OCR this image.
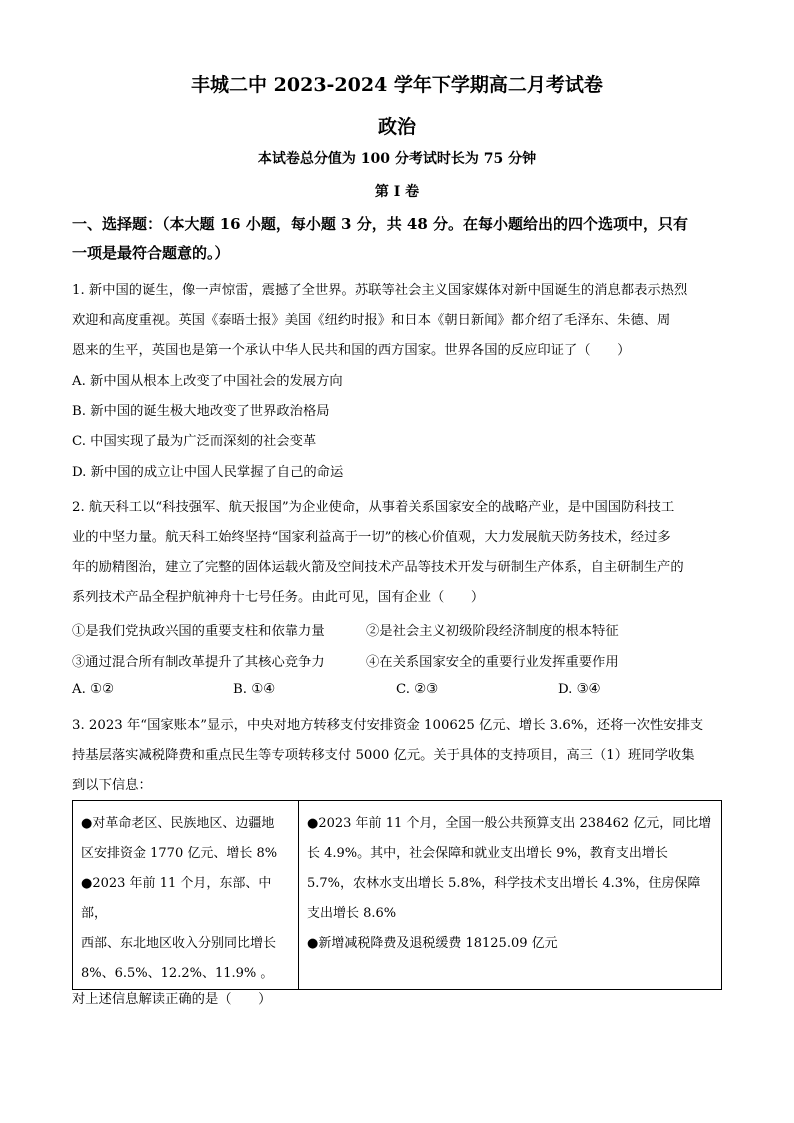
丰城二中 2023-2024 学年下学期高二月考试卷
政治
本试卷总分值为 100 分考试时长为 75 分钟
第 I 卷
一、选择题：（本大题 16 小题，每小题 3 分，共 48 分。在每小题给出的四个选项中，只有
一项是最符合题意的。）
1. 新中国的诞生，像一声惊雷，震撼了全世界。苏联等社会主义国家媒体对新中国诞生的消息都表示热烈
欢迎和高度重视。英国《泰晤士报》美国《纽约时报》和日本《朝日新闻》都介绍了毛泽东、朱德、周
恩来的生平，英国也是第一个承认中华人民共和国的西方国家。世界各国的反应印证了（　　）
A. 新中国从根本上改变了中国社会的发展方向
B. 新中国的诞生极大地改变了世界政治格局
C. 中国实现了最为广泛而深刻的社会变革
D. 新中国的成立让中国人民掌握了自己的命运
2. 航天科工以“科技强军、航天报国”为企业使命，从事着关系国家安全的战略产业，是中国国防科技工
业的中坚力量。航天科工始终坚持“国家利益高于一切”的核心价值观，大力发展航天防务技术，经过多
年的励精图治，建立了完整的固体运载火箭及空间技术产品等技术开发与研制生产体系，自主研制生产的
系列技术产品全程护航神舟十七号任务。由此可见，国有企业（　　）
①是我们党执政兴国的重要支柱和依靠力量	②是社会主义初级阶段经济制度的根本特征
③通过混合所有制改革提升了其核心竞争力	④在关系国家安全的重要行业发挥重要作用
A. ①②	B. ①④	C. ②③	D. ③④
3. 2023 年“国家账本”显示，中央对地方转移支付安排资金 100625 亿元、增长 3.6%，还将一次性安排支
持基层落实减税降费和重点民生等专项转移支付 5000 亿元。关于具体的支持项目，高三（1）班同学收集
到以下信息：
●对革命老区、民族地区、边疆地
区安排资金 1770 亿元、增长 8%
●2023 年前 11 个月，东部、中部，
西部、东北地区收入分别同比增长
8%、6.5%、12.2%、11.9% 。

●2023 年前 11 个月，全国一般公共预算支出 238462 亿元，同比增
长 4.9%。其中，社会保障和就业支出增长 9%，教育支出增长
5.7%，农林水支出增长 5.8%，科学技术支出增长 4.3%，住房保障
支出增长 8.6%
●新增减税降费及退税缓费 18125.09 亿元
对上述信息解读正确的是（　　）
